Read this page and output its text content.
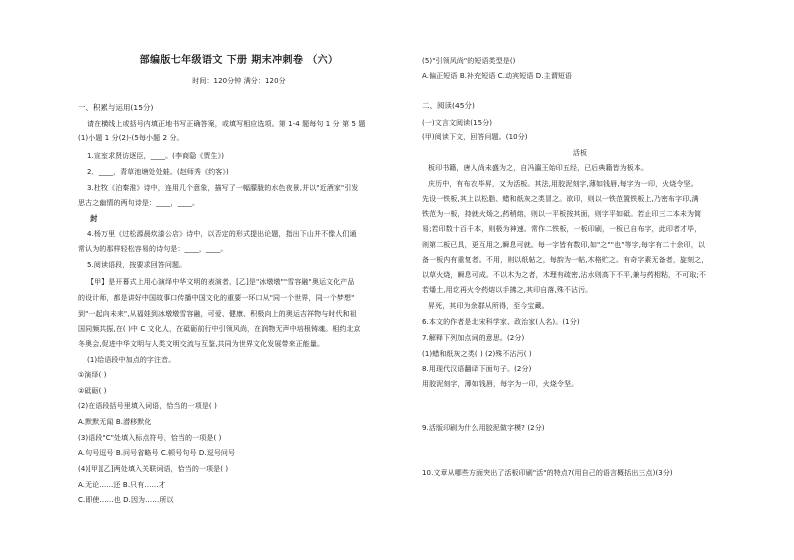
部编版七年级语文 下册 期末冲刺卷 （六）
时间：120分钟 满分：120分
一、积累与运用(15分)
请在横线上或括号内填正地书写正确答案，或填写相应选项。第 1-4 题每句 1 分 第 5 题
(1)小题 1 分(2)-(5每小题 2 分。
1.宣室求贤访逐臣，____。(李商隐《贾生》)
2．____，青草池塘处处蛙。(赵师秀《约客》)
3.杜牧《泊秦淮》诗中，连用几个意象，描写了一幅朦胧的水色夜景,并以"近酒家"引发
思古之幽情的两句诗是：____，____。
封
4.杨万里《过松源晨炊漆公店》诗中，以否定的形式提出论题，指出下山并不像人们通
常认为的那样轻松容易的诗句是：____，____。
5.阅读语段，按要求回答问题。
【甲】是开幕式上用心演绎中华文明的表演者，[乙]是"冰墩墩""雪容融"奥运文化产品
的设计师，都是讲好中国故事口传播中国文化的重要一环口从"同一个世界，同一个梦想"
到"一起向未来",从福娃到冰墩墩雪容融，可爱、健康、积极向上的奥运吉祥物与时代和祖
国同频共振,在( )中 C 文化人，在砥砺前行中引领风尚，在润物无声中培根铸魂。相约北京
冬奥会,促进中华文明与人类文明交流与互鉴,共同为世界文化发展带来正能量。
(1)给语段中加点的字注音。
①演绎( )
②砥砺( )
(2)在语段括号里填入词语，恰当的一项是( )
A.默默无闻 B.潜移默化
(3)语段"C"处填入标点符号，恰当的一项是( )
A.句号逗号 B.问号省略号 C.顿号句号 D.逗号问号
(4)[甲][乙]两处填入关联词语，恰当的一项是( )
A.无论……还 B.只有……才
C.即使……也 D.因为……所以
(5)"引领风尚"的短语类型是()
A.偏正短语 B.补充短语 C.动宾短语 D.主谓短语
二、阅读(45分)
(一)文言文阅读(15分)
(甲)阅读下文，回答问题。(10分)
活板
板印书籍，唐人尚未盛为之，自冯瀛王始印五经，已后典籍皆为板本。
庆历中，有布衣毕昇，又为活板。其法,用胶泥刻字,薄如钱唇,每字为一印，火烧令坚。
先设一铁板,其上以松脂、蜡和纸灰之类冒之。欲印，则以一铁范置铁板上,乃密布字印,满
铁范为一板，持就火炀之,药稍熔，则以一平板按其面，则字平如砥。若止印三二本未为简
易;若印数十百千本，则极为神速。常作二铁板，一板印刷，一板已自布字，此印者才毕，
则第二板已具，更互用之,瞬息可就。每一字皆有数印,如"之""也"等字,每字有二十余印，以
备一板内有重复者。不用，则以纸帖之，每韵为一帖,木格贮之。有奇字素无备者，旋刻之，
以草火烧，瞬息可成。不以木为之者，木理有疏密,沾水则高下不平,兼与药相粘，不可取;不
若燔土,用讫再火令药熔以手拂之,其印自落,殊不沾污。
昇死，其印为余群从所得，至今宝藏。
6.本文的作者是北宋科学家、政治家(人名)。(1分)
7.解释下列加点词的意思。(2分)
(1)蜡和纸灰之类( ) (2)殊不沾污( )
8.用现代汉语翻译下面句子。(2分)
用胶泥刻字，薄如钱唇，每字为一印，火烧令坚。
9.活版印刷为什么用胶泥做字模? (2分)
10.文章从哪些方面突出了活板印刷"活"的特点?(用自己的语言概括出三点)(3分)
